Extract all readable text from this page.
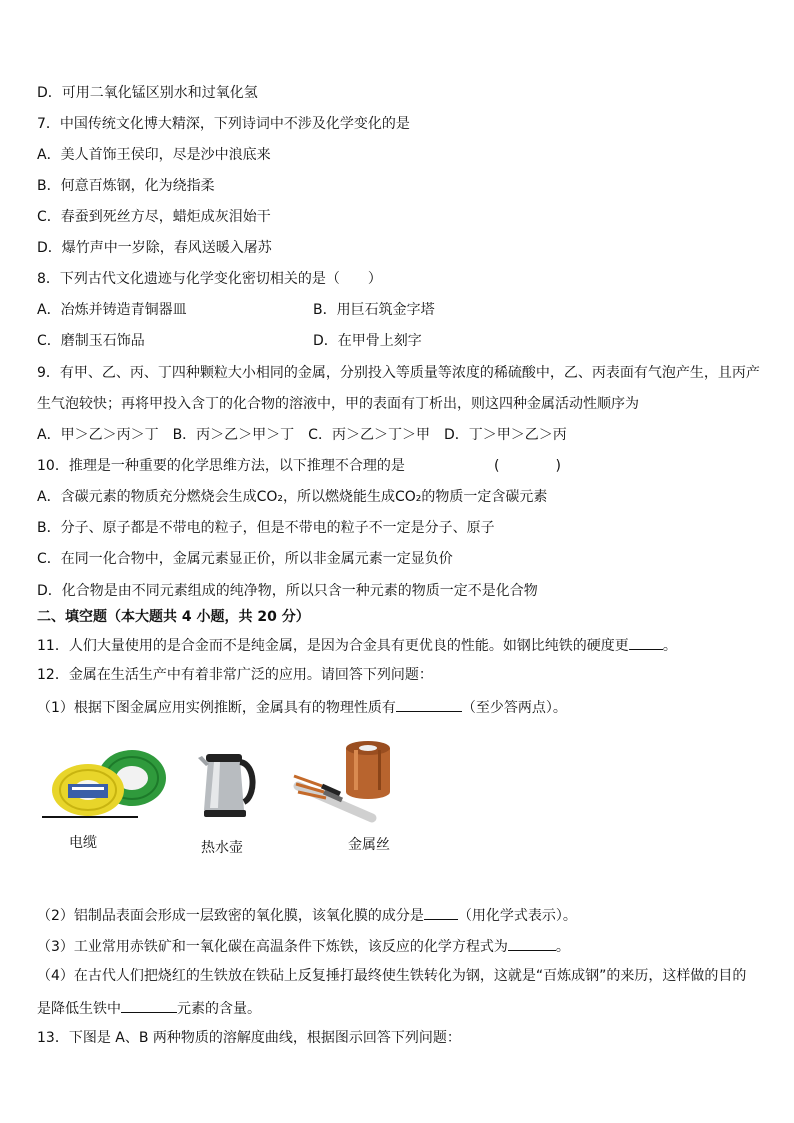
D．可用二氧化锰区别水和过氧化氢
7．中国传统文化博大精深，下列诗词中不涉及化学变化的是
A．美人首饰王侯印，尽是沙中浪底来
B．何意百炼钢，化为绕指柔
C．春蚕到死丝方尽，蜡炬成灰泪始干
D．爆竹声中一岁除，春风送暖入屠苏
8．下列古代文化遗迹与化学变化密切相关的是（　　）
A．冶炼并铸造青铜器皿	B．用巨石筑金字塔
C．磨制玉石饰品	D．在甲骨上刻字
9．有甲、乙、丙、丁四种颗粒大小相同的金属，分别投入等质量等浓度的稀硫酸中，乙、丙表面有气泡产生，且丙产
生气泡较快；再将甲投入含丁的化合物的溶液中，甲的表面有丁析出，则这四种金属活动性顺序为
A．甲＞乙＞丙＞丁　B．丙＞乙＞甲＞丁　C．丙＞乙＞丁＞甲　D．丁＞甲＞乙＞丙
10．推理是一种重要的化学思维方法，以下推理不合理的是	(　　　　)
A．含碳元素的物质充分燃烧会生成CO₂，所以燃烧能生成CO₂的物质一定含碳元素
B．分子、原子都是不带电的粒子，但是不带电的粒子不一定是分子、原子
C．在同一化合物中，金属元素显正价，所以非金属元素一定显负价
D．化合物是由不同元素组成的纯净物，所以只含一种元素的物质一定不是化合物
二、填空题（本大题共 4 小题，共 20 分）
11．人们大量使用的是合金而不是纯金属，是因为合金具有更优良的性能。如钢比纯铁的硬度更 。
12．金属在生活生产中有着非常广泛的应用。请回答下列问题：
（1）根据下图金属应用实例推断，金属具有的物理性质有	（至少答两点）。
电缆	热水壶	金属丝
（2）铝制品表面会形成一层致密的氧化膜，该氧化膜的成分是 （用化学式表示）。
（3）工业常用赤铁矿和一氧化碳在高温条件下炼铁，该反应的化学方程式为	。
（4）在古代人们把烧红的生铁放在铁砧上反复捶打最终使生铁转化为钢，这就是“百炼成钢”的来历，这样做的目的
是降低生铁中	元素的含量。
13．下图是 A、B 两种物质的溶解度曲线，根据图示回答下列问题：
